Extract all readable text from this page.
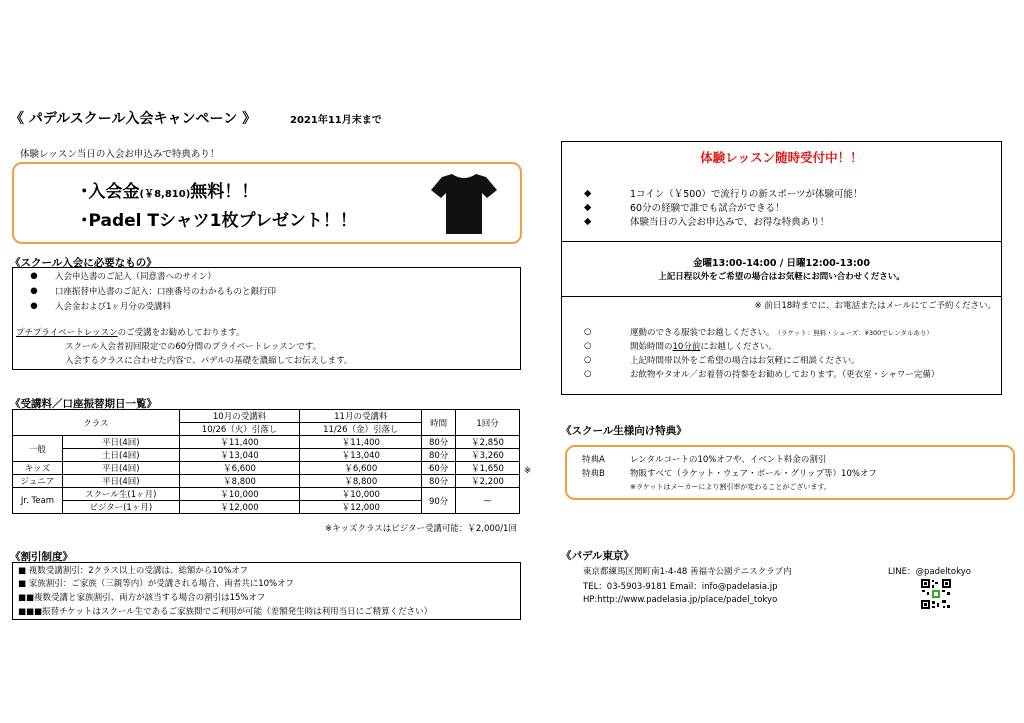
《 パデルスクール入会キャンペーン 》	2021年11月末まで
体験レッスン当日の入会お申込みで特典あり！
･入会金(￥8,810)無料！！
･Padel Tシャツ1枚プレゼント！！
《スクール入会に必要なもの》
●	入会申込書のご記入（同意書へのサイン）
●	口座振替申込書のご記入：口座番号のわかるものと銀行印
●	入会金および1ヶ月分の受講料
プチプライベートレッスン のご受講をお勧めしております。
スクール入会者初回限定での60分間のプライベートレッスンです。
入会するクラスに合わせた内容で、パデルの基礎を濃縮してお伝えします。
《受講料／口座振替期日一覧》
クラス		10月の受講料	11月の受講料	時間	1回分
		10/26（火）引落し	11/26（金）引落し		
一般	平日(4回)	￥11,400	￥11,400	80分	￥2,850
	土日(4回)	￥13,040	￥13,040	80分	￥3,260
キッズ	平日(4回)	￥6,600	￥6,600	60分	￥1,650
ジュニア	平日(4回)	￥8,800	￥8,800	80分	￥2,200
Jr. Team	スクール生(1ヶ月)	￥10,000	￥10,000	90分	—
	ビジター(1ヶ月)	￥12,000	￥12,000		
※
※キッズクラスはビジター受講可能：￥2,000/1回
《割引制度》
■ 複数受講割引：2クラス以上の受講は、総額から10%オフ
■ 家族割引：ご家族（三親等内）が受講される場合、両者共に10%オフ
■■複数受講と家族割引、両方が該当する場合の割引は15%オフ
■■■振替チケットはスクール生であるご家族間でご利用が可能（差額発生時は利用当日にご精算ください）
体験レッスン随時受付中！！
◆	1コイン（￥500）で流行りの新スポーツが体験可能！
◆	60分の経験で誰でも試合ができる！
◆	体験当日の入会お申込みで、お得な特典あり！
金曜13:00-14:00 / 日曜12:00-13:00
上記日程以外をご希望の場合はお気軽にお問い合わせください。
※ 前日18時までに、お電話またはメールにてご予約ください。
○	運動のできる服装でお越しください。 （ラケット：無料・シューズ：¥300でレンタルあり）
○	開始時間の 10分前 にお越しください。
○	上記時間帯以外をご希望の場合はお気軽にご相談ください。
○	お飲物やタオル／お着替の持参をお勧めしております。（更衣室・シャワー完備）
《スクール生様向け特典》
特典A	レンタルコートの10%オフや、イベント料金の割引
特典B	物販すべて（ラケット・ウェア・ボール・グリップ等）10%オフ
※ラケットはメーカーにより割引率が変わることがございます。
《パデル東京》
東京都練馬区関町南1-4-48 善福寺公園テニスクラブ内
TEL：03-5903-9181 Email：info@padelasia.jp
HP:http://www.padelasia.jp/place/padel_tokyo
LINE：@padeltokyo
